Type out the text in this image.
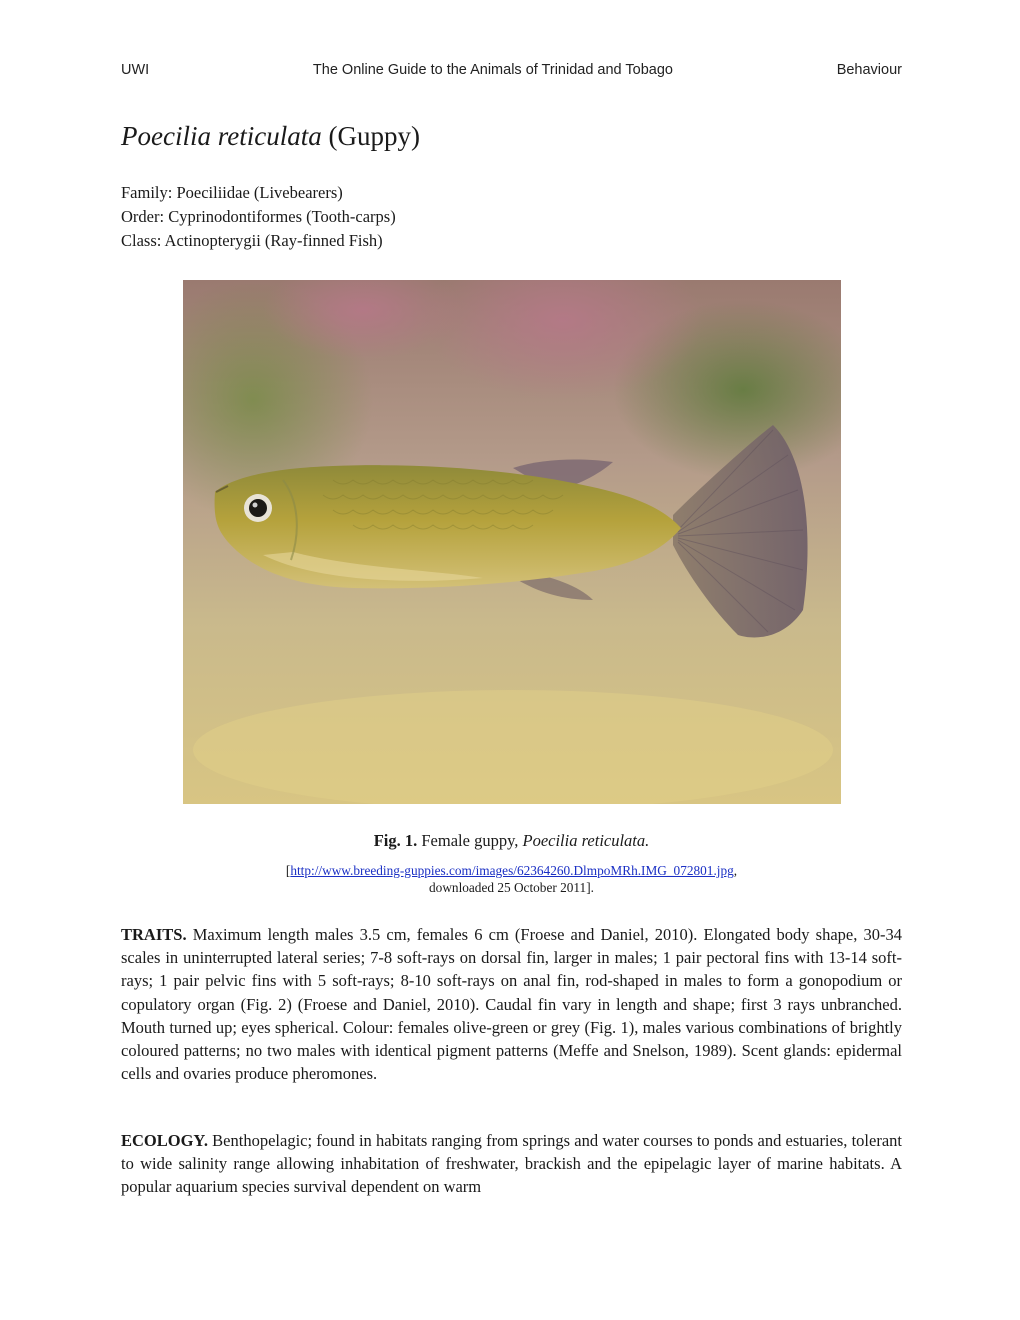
UWI	The Online Guide to the Animals of Trinidad and Tobago	Behaviour
Poecilia reticulata (Guppy)
Family: Poeciliidae (Livebearers)
Order: Cyprinodontiformes (Tooth-carps)
Class: Actinopterygii (Ray-finned Fish)
Fig. 1. Female guppy, Poecilia reticulata.
[http://www.breeding-guppies.com/images/62364260.DlmpoMRh.IMG_072801.jpg,
downloaded 25 October 2011].

TRAITS. Maximum length males 3.5 cm, females 6 cm (Froese and Daniel, 2010). Elongated body shape, 30-34 scales in uninterrupted lateral series; 7-8 soft-rays on dorsal fin, larger in males; 1 pair pectoral fins with 13-14 soft-rays; 1 pair pelvic fins with 5 soft-rays; 8-10 soft-rays on anal fin, rod-shaped in males to form a gonopodium or copulatory organ (Fig. 2) (Froese and Daniel, 2010). Caudal fin vary in length and shape; first 3 rays unbranched. Mouth turned up; eyes spherical. Colour: females olive-green or grey (Fig. 1), males various combinations of brightly coloured patterns; no two males with identical pigment patterns (Meffe and Snelson, 1989). Scent glands: epidermal cells and ovaries produce pheromones.

ECOLOGY. Benthopelagic; found in habitats ranging from springs and water courses to ponds and estuaries, tolerant to wide salinity range allowing inhabitation of freshwater, brackish and the epipelagic layer of marine habitats. A popular aquarium species survival dependent on warm
